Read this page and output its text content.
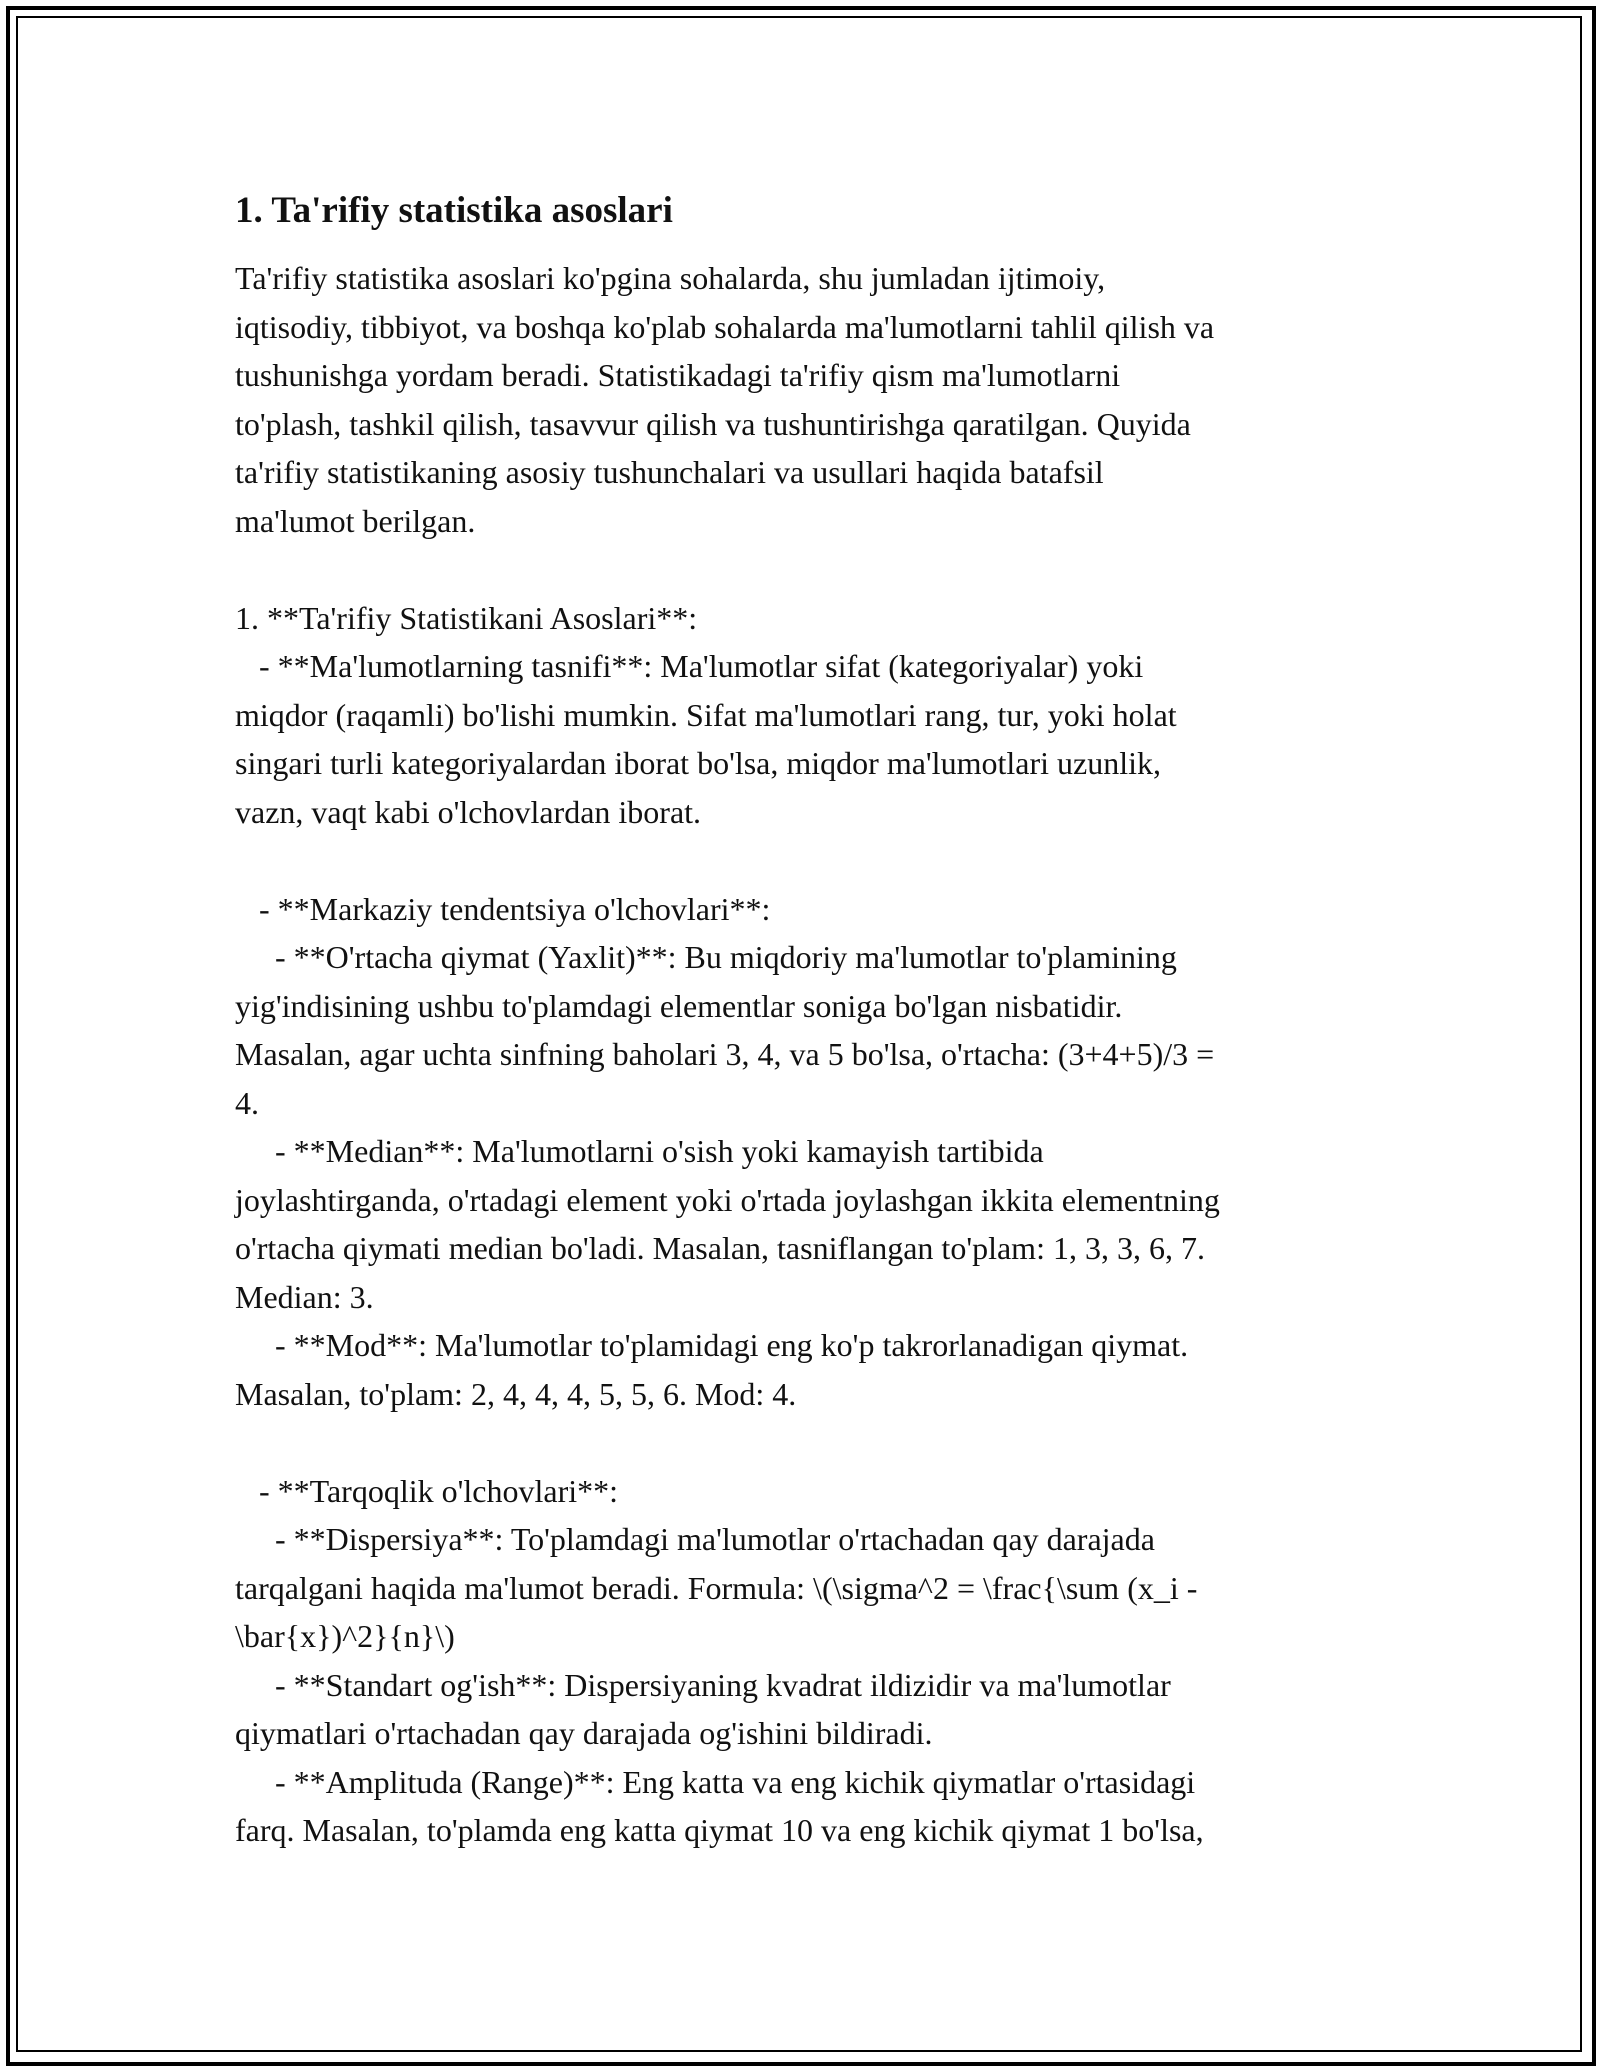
1. Ta'rifiy statistika asoslari

Ta'rifiy statistika asoslari ko'pgina sohalarda, shu jumladan ijtimoiy,
iqtisodiy, tibbiyot, va boshqa ko'plab sohalarda ma'lumotlarni tahlil qilish va
tushunishga yordam beradi. Statistikadagi ta'rifiy qism ma'lumotlarni
to'plash, tashkil qilish, tasavvur qilish va tushuntirishga qaratilgan. Quyida
ta'rifiy statistikaning asosiy tushunchalari va usullari haqida batafsil
ma'lumot berilgan.

1. **Ta'rifiy Statistikani Asoslari**:
- **Ma'lumotlarning tasnifi**: Ma'lumotlar sifat (kategoriyalar) yoki
miqdor (raqamli) bo'lishi mumkin. Sifat ma'lumotlari rang, tur, yoki holat
singari turli kategoriyalardan iborat bo'lsa, miqdor ma'lumotlari uzunlik,
vazn, vaqt kabi o'lchovlardan iborat.

- **Markaziy tendentsiya o'lchovlari**:
- **O'rtacha qiymat (Yaxlit)**: Bu miqdoriy ma'lumotlar to'plamining
yig'indisining ushbu to'plamdagi elementlar soniga bo'lgan nisbatidir.
Masalan, agar uchta sinfning baholari 3, 4, va 5 bo'lsa, o'rtacha: (3+4+5)/3 =
4.
- **Median**: Ma'lumotlarni o'sish yoki kamayish tartibida
joylashtirganda, o'rtadagi element yoki o'rtada joylashgan ikkita elementning
o'rtacha qiymati median bo'ladi. Masalan, tasniflangan to'plam: 1, 3, 3, 6, 7.
Median: 3.
- **Mod**: Ma'lumotlar to'plamidagi eng ko'p takrorlanadigan qiymat.
Masalan, to'plam: 2, 4, 4, 4, 5, 5, 6. Mod: 4.

- **Tarqoqlik o'lchovlari**:
- **Dispersiya**: To'plamdagi ma'lumotlar o'rtachadan qay darajada
tarqalgani haqida ma'lumot beradi. Formula: \(\sigma^2 = \frac{\sum (x_i -
\bar{x})^2}{n}\)
- **Standart og'ish**: Dispersiyaning kvadrat ildizidir va ma'lumotlar
qiymatlari o'rtachadan qay darajada og'ishini bildiradi.
- **Amplituda (Range)**: Eng katta va eng kichik qiymatlar o'rtasidagi
farq. Masalan, to'plamda eng katta qiymat 10 va eng kichik qiymat 1 bo'lsa,
